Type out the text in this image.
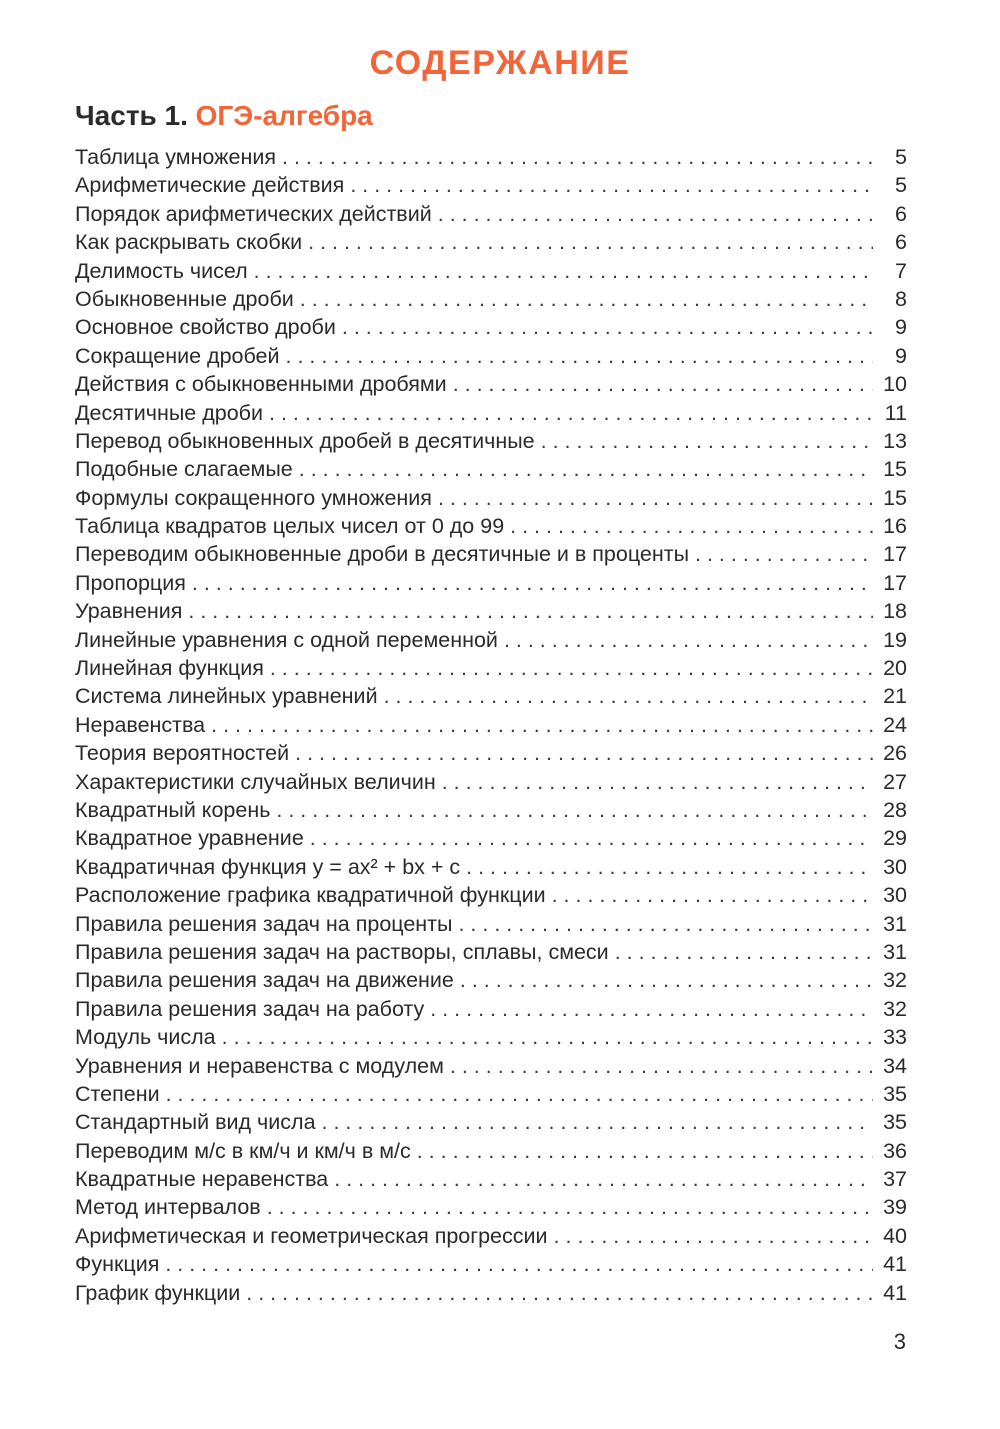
СОДЕРЖАНИЕ
Часть 1. ОГЭ-алгебра
Таблица умножения . . .	5
Арифметические действия . . .	5
Порядок арифметических действий . . .	6
Как раскрывать скобки . . .	6
Делимость чисел . . .	7
Обыкновенные дроби . . .	8
Основное свойство дроби . . .	9
Сокращение дробей . . .	9
Действия с обыкновенными дробями . . .	10
Десятичные дроби . . .	11
Перевод обыкновенных дробей в десятичные . . .	13
Подобные слагаемые . . .	15
Формулы сокращенного умножения . . .	15
Таблица квадратов целых чисел от 0 до 99 . . .	16
Переводим обыкновенные дроби в десятичные и в проценты . . .	17
Пропорция . . .	17
Уравнения . . .	18
Линейные уравнения с одной переменной . . .	19
Линейная функция . . .	20
Система линейных уравнений . . .	21
Неравенства . . .	24
Теория вероятностей . . .	26
Характеристики случайных величин . . .	27
Квадратный корень . . .	28
Квадратное уравнение . . .	29
Квадратичная функция y = ax² + bx + c . . .	30
Расположение графика квадратичной функции . . .	30
Правила решения задач на проценты . . .	31
Правила решения задач на растворы, сплавы, смеси . . .	31
Правила решения задач на движение . . .	32
Правила решения задач на работу . . .	32
Модуль числа . . .	33
Уравнения и неравенства с модулем . . .	34
Степени . . .	35
Стандартный вид числа . . .	35
Переводим м/с в км/ч и км/ч в м/с . . .	36
Квадратные неравенства . . .	37
Метод интервалов . . .	39
Арифметическая и геометрическая прогрессии . . .	40
Функция . . .	41
График функции . . .	41
3
